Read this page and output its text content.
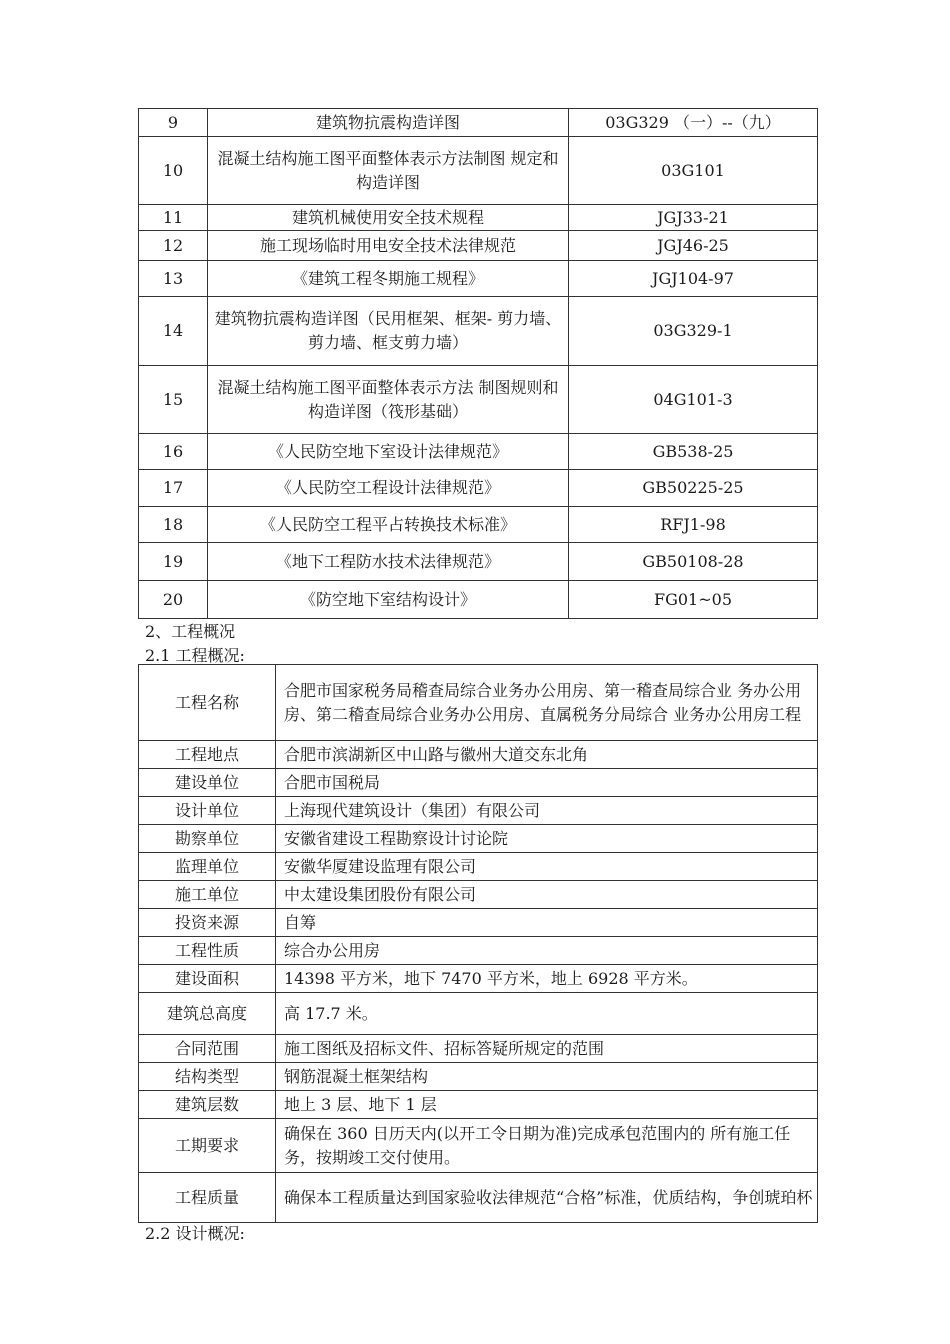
9	建筑物抗震构造详图	03G329 （一）--（九）
10	混凝土结构施工图平面整体表示方法制图 规定和构造详图	03G101
11	建筑机械使用安全技术规程	JGJ33-21
12	施工现场临时用电安全技术法律规范	JGJ46-25
13	《建筑工程冬期施工规程》	JGJ104-97
14	建筑物抗震构造详图（民用框架、框架- 剪力墙、剪力墙、框支剪力墙）	03G329-1
15	混凝土结构施工图平面整体表示方法 制图规则和构造详图（筏形基础）	04G101-3
16	《人民防空地下室设计法律规范》	GB538-25
17	《人民防空工程设计法律规范》	GB50225-25
18	《人民防空工程平占转换技术标准》	RFJ1-98
19	《地下工程防水技术法律规范》	GB50108-28
20	《防空地下室结构设计》	FG01~05
2、工程概况
2.1 工程概况:
工程名称	合肥市国家税务局稽查局综合业务办公用房、第一稽查局综合业 务办公用房、第二稽查局综合业务办公用房、直属税务分局综合 业务办公用房工程
工程地点	合肥市滨湖新区中山路与徽州大道交东北角
建设单位	合肥市国税局
设计单位	上海现代建筑设计（集团）有限公司
勘察单位	安徽省建设工程勘察设计讨论院
监理单位	安徽华厦建设监理有限公司
施工单位	中太建设集团股份有限公司
投资来源	自筹
工程性质	综合办公用房
建设面积	14398 平方米，地下 7470 平方米，地上 6928 平方米。
建筑总高度	高 17.7 米。
合同范围	施工图纸及招标文件、招标答疑所规定的范围
结构类型	钢筋混凝土框架结构
建筑层数	地上 3 层、地下 1 层
工期要求	确保在 360 日历天内(以开工令日期为准)完成承包范围内的 所有施工任务，按期竣工交付使用。
工程质量	确保本工程质量达到国家验收法律规范“合格”标准，优质结构，争创琥珀杯
2.2 设计概况:
